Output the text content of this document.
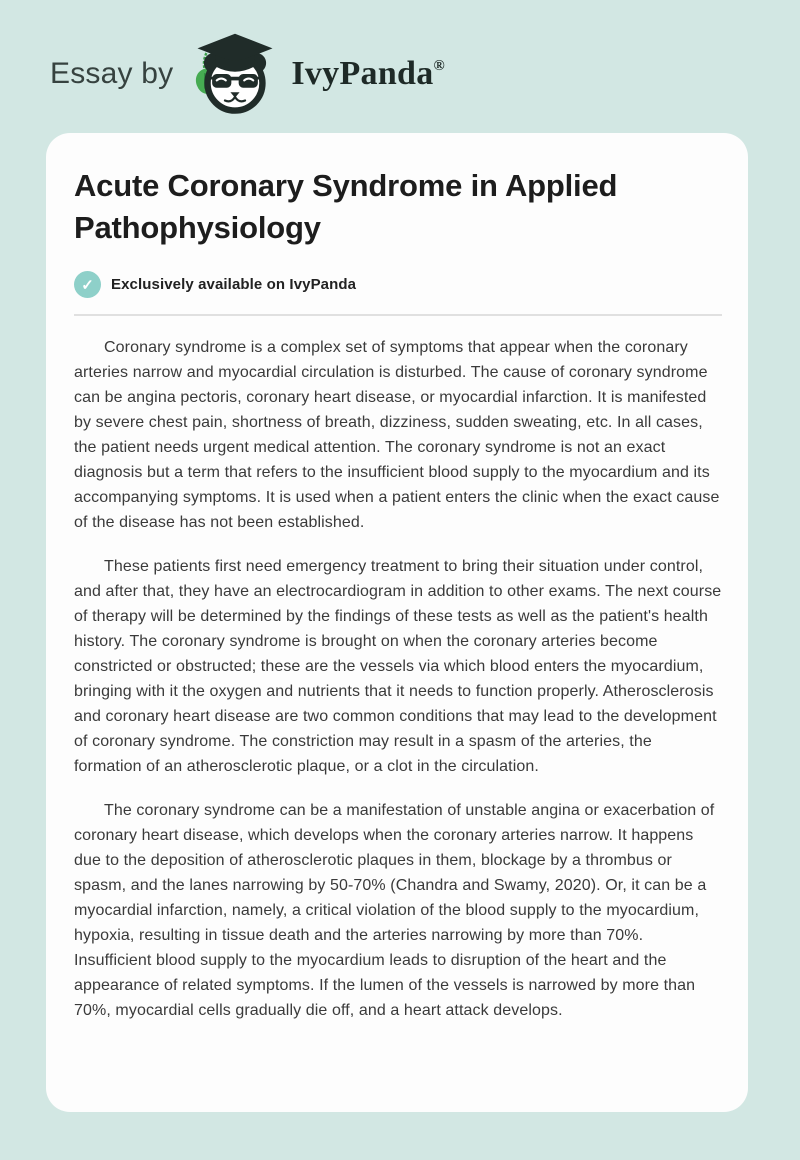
Essay by	IvyPanda®
Acute Coronary Syndrome in Applied Pathophysiology
✓	Exclusively available on IvyPanda

Coronary syndrome is a complex set of symptoms that appear when the coronary arteries narrow and myocardial circulation is disturbed. The cause of coronary syndrome can be angina pectoris, coronary heart disease, or myocardial infarction. It is manifested by severe chest pain, shortness of breath, dizziness, sudden sweating, etc. In all cases, the patient needs urgent medical attention. The coronary syndrome is not an exact diagnosis but a term that refers to the insufficient blood supply to the myocardium and its accompanying symptoms. It is used when a patient enters the clinic when the exact cause of the disease has not been established.

These patients first need emergency treatment to bring their situation under control, and after that, they have an electrocardiogram in addition to other exams. The next course of therapy will be determined by the findings of these tests as well as the patient's health history. The coronary syndrome is brought on when the coronary arteries become constricted or obstructed; these are the vessels via which blood enters the myocardium, bringing with it the oxygen and nutrients that it needs to function properly. Atherosclerosis and coronary heart disease are two common conditions that may lead to the development of coronary syndrome. The constriction may result in a spasm of the arteries, the formation of an atherosclerotic plaque, or a clot in the circulation.

The coronary syndrome can be a manifestation of unstable angina or exacerbation of coronary heart disease, which develops when the coronary arteries narrow. It happens due to the deposition of atherosclerotic plaques in them, blockage by a thrombus or spasm, and the lanes narrowing by 50-70% (Chandra and Swamy, 2020). Or, it can be a myocardial infarction, namely, a critical violation of the blood supply to the myocardium, hypoxia, resulting in tissue death and the arteries narrowing by more than 70%. Insufficient blood supply to the myocardium leads to disruption of the heart and the appearance of related symptoms. If the lumen of the vessels is narrowed by more than 70%, myocardial cells gradually die off, and a heart attack develops.
